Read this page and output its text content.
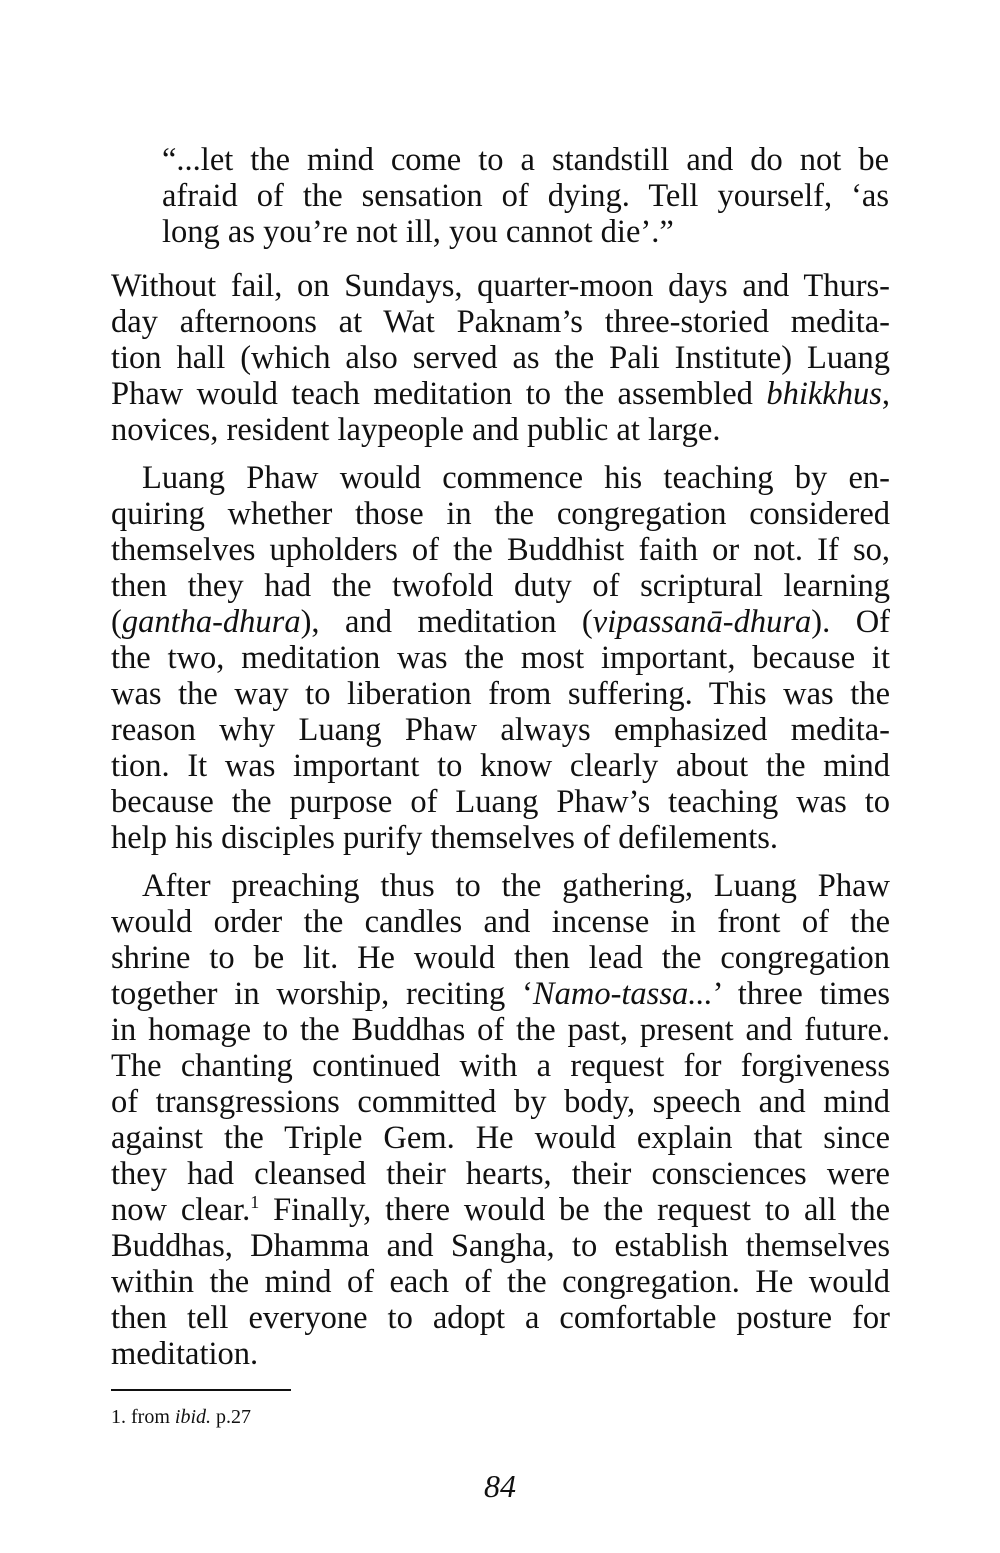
“...let the mind come to a standstill and do not be
afraid of the sensation of dying. Tell yourself, ‘as
long as you’re not ill, you cannot die’.”
Without fail, on Sundays, quarter-moon days and Thurs-
day afternoons at Wat Paknam’s three-storied medita-
tion hall (which also served as the Pali Institute) Luang
Phaw would teach meditation to the assembled bhikkhus,
novices, resident laypeople and public at large.
Luang Phaw would commence his teaching by en-
quiring whether those in the congregation considered
themselves upholders of the Buddhist faith or not. If so,
then they had the twofold duty of scriptural learning
(gantha-dhura), and meditation (vipassanā-dhura). Of
the two, meditation was the most important, because it
was the way to liberation from suffering. This was the
reason why Luang Phaw always emphasized medita-
tion. It was important to know clearly about the mind
because the purpose of Luang Phaw’s teaching was to
help his disciples purify themselves of defilements.
After preaching thus to the gathering, Luang Phaw
would order the candles and incense in front of the
shrine to be lit. He would then lead the congregation
together in worship, reciting ‘Namo-tassa...’ three times
in homage to the Buddhas of the past, present and future.
The chanting continued with a request for forgiveness
of transgressions committed by body, speech and mind
against the Triple Gem. He would explain that since
they had cleansed their hearts, their consciences were
now clear.$^1$ Finally, there would be the request to all the
Buddhas, Dhamma and Sangha, to establish themselves
within the mind of each of the congregation. He would
then tell everyone to adopt a comfortable posture for
meditation.
1. from ibid. p.27
84
